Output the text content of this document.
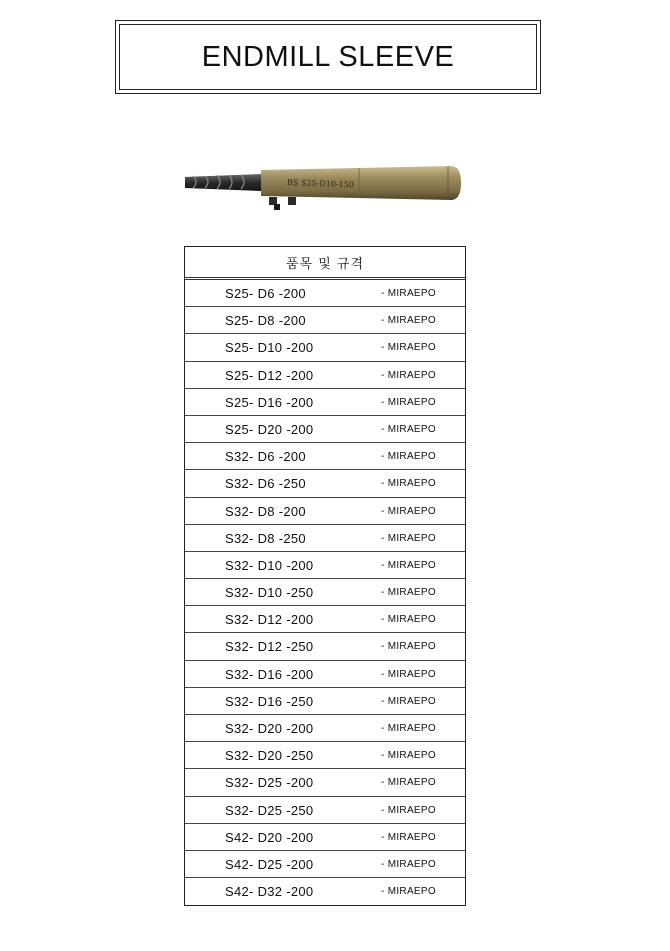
ENDMILL SLEEVE
BS S25-D10-150
품목 및 규격
S25- D6 -200	- MIRAEPO
S25- D8 -200	- MIRAEPO
S25- D10 -200	- MIRAEPO
S25- D12 -200	- MIRAEPO
S25- D16 -200	- MIRAEPO
S25- D20 -200	- MIRAEPO
S32- D6 -200	- MIRAEPO
S32- D6 -250	- MIRAEPO
S32- D8 -200	- MIRAEPO
S32- D8 -250	- MIRAEPO
S32- D10 -200	- MIRAEPO
S32- D10 -250	- MIRAEPO
S32- D12 -200	- MIRAEPO
S32- D12 -250	- MIRAEPO
S32- D16 -200	- MIRAEPO
S32- D16 -250	- MIRAEPO
S32- D20 -200	- MIRAEPO
S32- D20 -250	- MIRAEPO
S32- D25 -200	- MIRAEPO
S32- D25 -250	- MIRAEPO
S42- D20 -200	- MIRAEPO
S42- D25 -200	- MIRAEPO
S42- D32 -200	- MIRAEPO
